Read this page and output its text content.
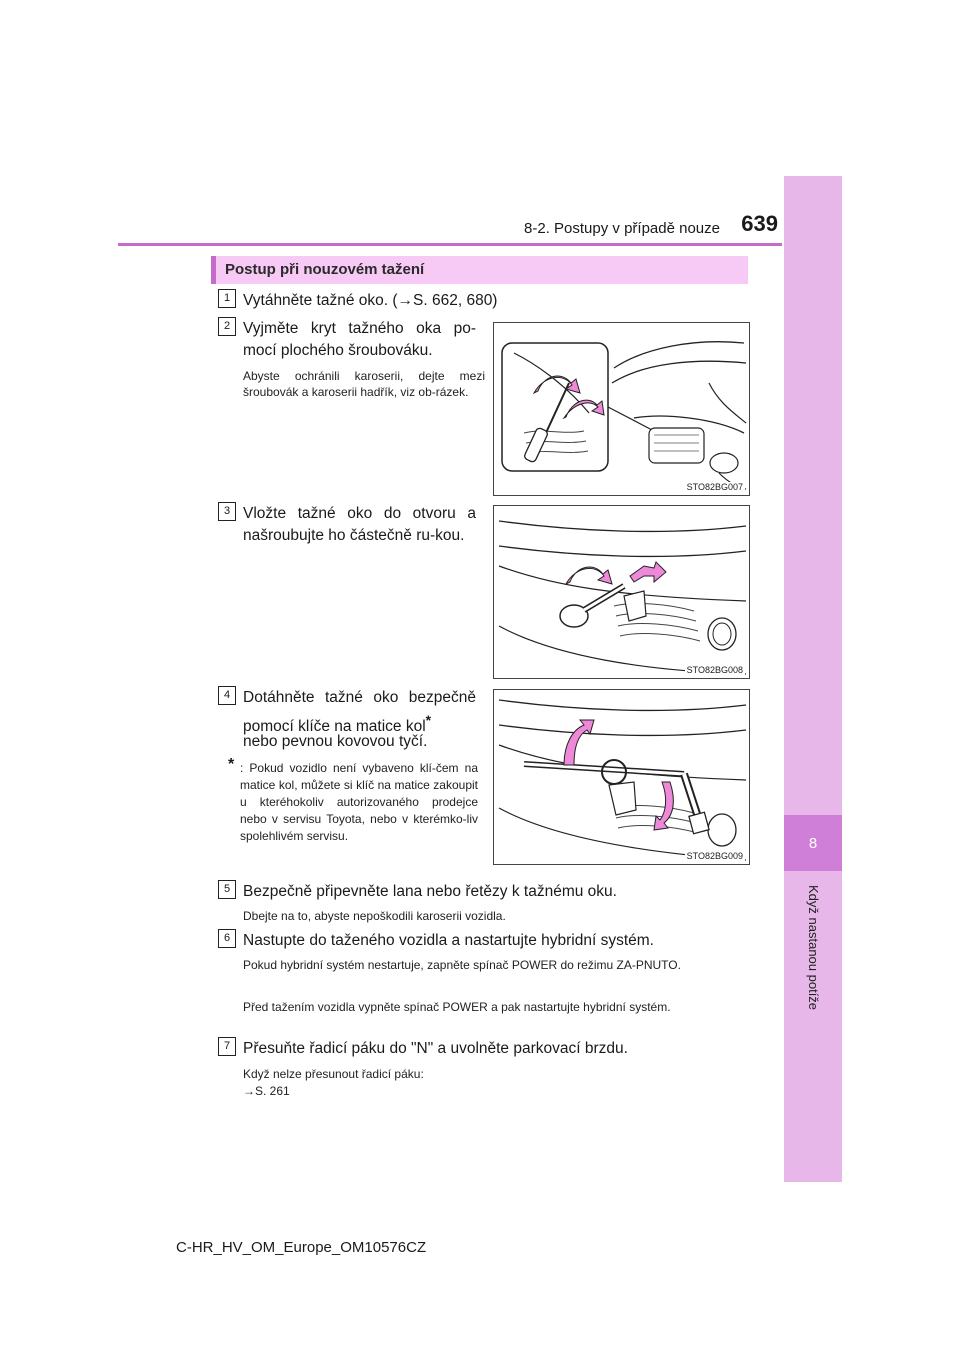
8
Když nastanou potíže
8-2. Postupy v případě nouze 639
Postup při nouzovém tažení
1 Vytáhněte tažné oko. (→S. 662, 680)
2 Vyjměte kryt tažného oka po-mocí plochého šroubováku.
Abyste ochránili karoserii, dejte mezi šroubovák a karoserii hadřík, viz ob-rázek.
STO82BG007
3 Vložte tažné oko do otvoru a našroubujte ho částečně ru-kou.
STO82BG008
4 Dotáhněte tažné oko bezpečně pomocí klíče na matice kol*
nebo pevnou kovovou tyčí.
* : Pokud vozidlo není vybaveno klí-čem na matice kol, můžete si klíč na matice zakoupit u kteréhokoliv autorizovaného prodejce nebo v servisu Toyota, nebo v kterémko-liv spolehlivém servisu.
STO82BG009
5 Bezpečně připevněte lana nebo řetězy k tažnému oku.
Dbejte na to, abyste nepoškodili karoserii vozidla.
6 Nastupte do taženého vozidla a nastartujte hybridní systém.
Pokud hybridní systém nestartuje, zapněte spínač POWER do režimu ZA-PNUTO.
Před tažením vozidla vypněte spínač POWER a pak nastartujte hybridní systém.
7 Přesuňte řadicí páku do "N" a uvolněte parkovací brzdu.
Když nelze přesunout řadicí páku:
→S. 261
C-HR_HV_OM_Europe_OM10576CZ
